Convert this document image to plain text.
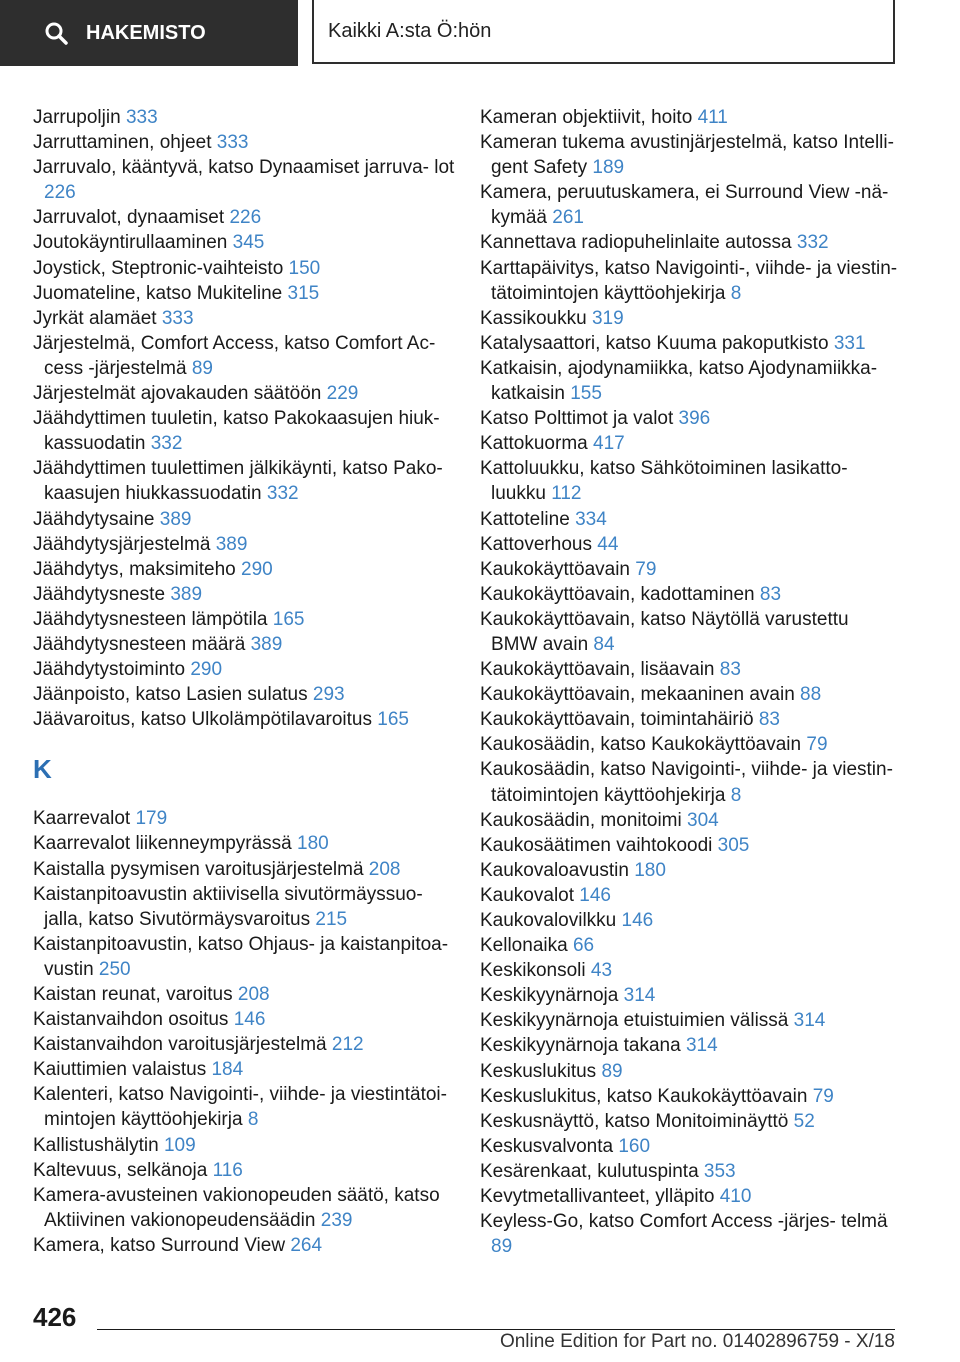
HAKEMISTO	Kaikki A:sta Ö:hön
Jarrupoljin 333
Jarruttaminen, ohjeet 333
Jarruvalo, kääntyvä, katso Dynaamiset jarruva‐ lot 226
Jarruvalot, dynaamiset 226
Joutokäyntirullaaminen 345
Joystick, Steptronic-vaihteisto 150
Juomateline, katso Mukiteline 315
Jyrkät alamäet 333
Järjestelmä, Comfort Access, katso Comfort Ac‐ cess -järjestelmä 89
Järjestelmät ajovakauden säätöön 229
Jäähdyttimen tuuletin, katso Pakokaasujen hiuk‐ kassuodatin 332
Jäähdyttimen tuulettimen jälkikäynti, katso Pako‐ kaasujen hiukkassuodatin 332
Jäähdytysaine 389
Jäähdytysjärjestelmä 389
Jäähdytys, maksimiteho 290
Jäähdytysneste 389
Jäähdytysnesteen lämpötila 165
Jäähdytysnesteen määrä 389
Jäähdytystoiminto 290
Jäänpoisto, katso Lasien sulatus 293
Jäävaroitus, katso Ulkolämpötilavaroitus 165
K
Kaarrevalot 179
Kaarrevalot liikenneympyrässä 180
Kaistalla pysymisen varoitusjärjestelmä 208
Kaistanpitoavustin aktiivisella sivutörmäyssuo‐ jalla, katso Sivutörmäysvaroitus 215
Kaistanpitoavustin, katso Ohjaus- ja kaistanpitoa‐ vustin 250
Kaistan reunat, varoitus 208
Kaistanvaihdon osoitus 146
Kaistanvaihdon varoitusjärjestelmä 212
Kaiuttimien valaistus 184
Kalenteri, katso Navigointi-, viihde- ja viestintätoi‐ mintojen käyttöohjekirja 8
Kallistushälytin 109
Kaltevuus, selkänoja 116
Kamera-avusteinen vakionopeuden säätö, katso Aktiivinen vakionopeudensäädin 239
Kamera, katso Surround View 264
Kameran objektiivit, hoito 411
Kameran tukema avustinjärjestelmä, katso Intelli‐ gent Safety 189
Kamera, peruutuskamera, ei Surround View -nä‐ kymää 261
Kannettava radiopuhelinlaite autossa 332
Karttapäivitys, katso Navigointi-, viihde- ja viestin‐ tätoimintojen käyttöohjekirja 8
Kassikoukku 319
Katalysaattori, katso Kuuma pakoputkisto 331
Katkaisin, ajodynamiikka, katso Ajodynamiikka‐ katkaisin 155
Katso Polttimot ja valot 396
Kattokuorma 417
Kattoluukku, katso Sähkötoiminen lasikatto‐ luukku 112
Kattoteline 334
Kattoverhous 44
Kaukokäyttöavain 79
Kaukokäyttöavain, kadottaminen 83
Kaukokäyttöavain, katso Näytöllä varustettu BMW avain 84
Kaukokäyttöavain, lisäavain 83
Kaukokäyttöavain, mekaaninen avain 88
Kaukokäyttöavain, toimintahäiriö 83
Kaukosäädin, katso Kaukokäyttöavain 79
Kaukosäädin, katso Navigointi-, viihde- ja viestin‐ tätoimintojen käyttöohjekirja 8
Kaukosäädin, monitoimi 304
Kaukosäätimen vaihtokoodi 305
Kaukovaloavustin 180
Kaukovalot 146
Kaukovalovilkku 146
Kellonaika 66
Keskikonsoli 43
Keskikyynärnoja 314
Keskikyynärnoja etuistuimien välissä 314
Keskikyynärnoja takana 314
Keskuslukitus 89
Keskuslukitus, katso Kaukokäyttöavain 79
Keskusnäyttö, katso Monitoiminäyttö 52
Keskusvalvonta 160
Kesärenkaat, kulutuspinta 353
Kevytmetallivanteet, ylläpito 410
Keyless-Go, katso Comfort Access -järjes‐ telmä 89
426
Online Edition for Part no. 01402896759 - X/18
